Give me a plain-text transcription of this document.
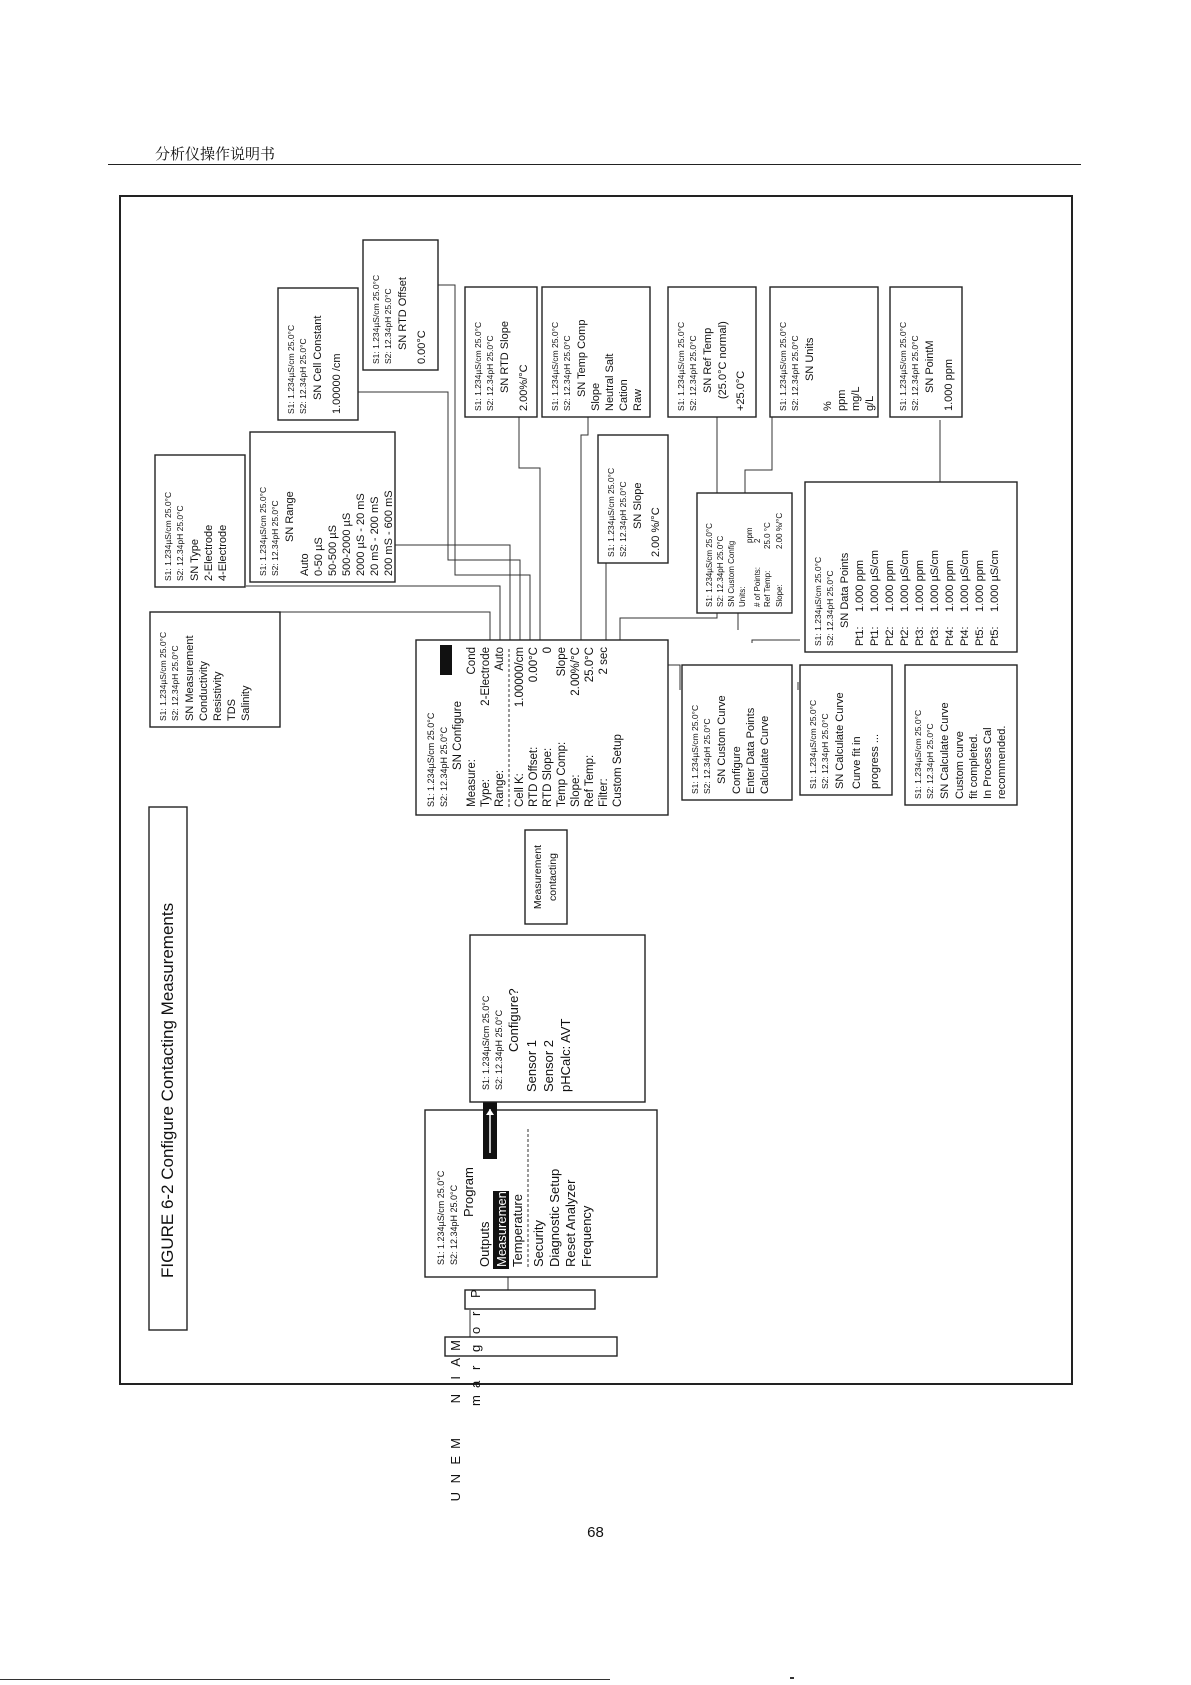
分析仪操作说明书
FIGURE 6-2 Configure Contacting Measurements
M
A
I
N
M
E
N
U
P
r
o
g
r
a
m
S1: 1.234µS/cm 25.0°C S2: 12.34pH 25.0°C Program
Outputs Measurement Temperature Security Diagnostic Setup Reset Analyzer Frequency
S1: 1.234µS/cm 25.0°C S2: 12.34pH 25.0°C Configure?
Sensor 1 Sensor 2 pHCalc: AVT
Measurement contacting
S1: 1.234µS/cm 25.0°C S2: 12.34pH 25.0°C SN Configure
Measure:
Cond
Type:
2-Electrode
Range:
Auto
Cell K:
1.00000/cm
RTD Offset:
0.00°C
RTD Slope:
0
Temp Comp:
Slope
Slope:
2.00%/°C
Ref Temp:
25.0°C
Filter:
2 sec
Custom Setup
S1: 1.234µS/cm 25.0°C S2: 12.34pH 25.0°C SN Measurement Conductivity Resistivity TDS Salinity
S1: 1.234µS/cm 25.0°C S2: 12.34pH 25.0°C SN Type 2-Electrode 4-Electrode	S1: 1.234µS/cm 25.0°C S2: 12.34pH 25.0°C SN Range
Auto 0-50 µS 50-500 µS 500-2000 µS 2000 µS - 20 mS 20 mS - 200 mS 200 mS - 600 mS
S1: 1.234µS/cm 25.0°C S2: 12.34pH 25.0°C SN Cell Constant 1.00000 /cm
S1: 1.234µS/cm 25.0°C S2: 12.34pH 25.0°C SN RTD Offset 0.00°C	S1: 1.234µS/cm 25.0°C S2: 12.34pH 25.0°C SN RTD Slope 2.00%/°C S1: 1.234µS/cm 25.0°C S2: 12.34pH 25.0°C SN Temp Comp Slope Neutral Salt Cation Raw
S1: 1.234µS/cm 25.0°C S2: 12.34pH 25.0°C SN Slope
2.00 %/°C
S1: 1.234µS/cm 25.0°C S2: 12.34pH 25.0°C SN Ref Temp (25.0°C normal) +25.0°C	S1: 1.234µS/cm 25.0°C S2: 12.34pH 25.0°C SN Units
% ppm mg/L g/L	S1: 1.234µS/cm 25.0°C S2: 12.34pH 25.0°C SN PointM 1.000 ppm
S1: 1.234µS/cm 25.0°C S2: 12.34pH 25.0°C SN Custom Config Units:
ppm
# of Points:
2
Ref Temp:
25.0 °C
Slope:
2.00 %/°C
S1: 1.234µS/cm 25.0°C S2: 12.34pH 25.0°C SN Data Points
Pt1:
1.000 ppm
Pt1:
1.000 µS/cm
Pt2:
1.000 ppm
Pt2:
1.000 µS/cm
Pt3:
1.000 ppm
Pt3:
1.000 µS/cm
Pt4:
1.000 ppm
Pt4:
1.000 µS/cm
Pt5:
1.000 ppm
Pt5:
1.000 µS/cm
S1: 1.234µS/cm 25.0°C S2: 12.34pH 25.0°C SN Custom Curve Configure Enter Data Points Calculate Curve	S1: 1.234µS/cm 25.0°C S2: 12.34pH 25.0°C SN Calculate Curve Curve fit in progress ...	S1: 1.234µS/cm 25.0°C S2: 12.34pH 25.0°C SN Calculate Curve Custom curve fit completed. In Process Cal recommended.
68
